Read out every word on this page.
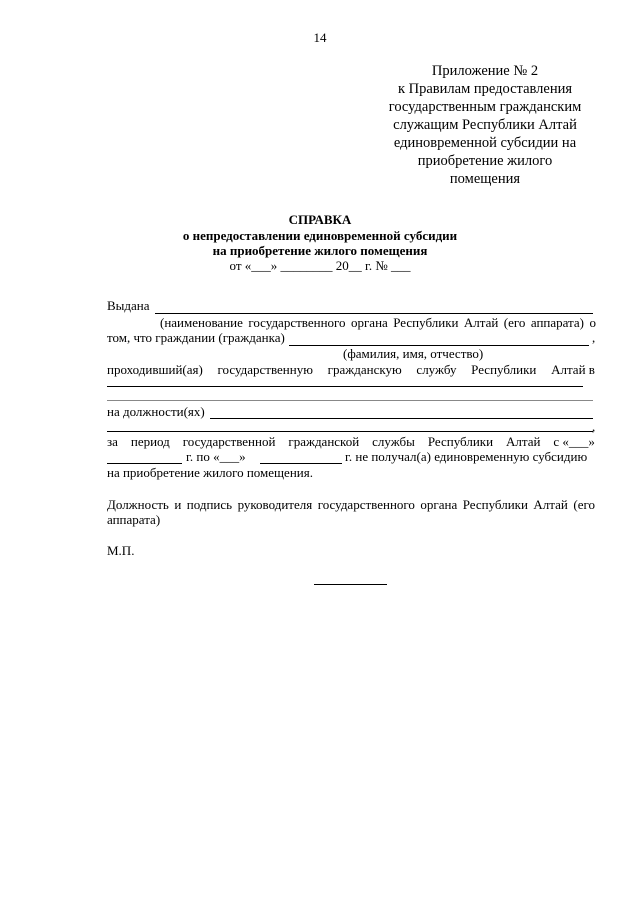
14
Приложение № 2
к Правилам предоставления
государственным гражданским
служащим Республики Алтай
единовременной субсидии на
приобретение жилого
помещения
СПРАВКА
о непредоставлении единовременной субсидии
на приобретение жилого помещения
от «___» ________ 20__ г. № ___
Выдана
(наименование государственного органа Республики Алтай (его аппарата) о
том, что граждании (гражданка)	,
(фамилия, имя, отчество)
проходивший(ая) государственную гражданскую службу Республики Алтай в
на должности(ях)
,
за период государственной гражданской службы Республики Алтай с «___»
г. по «___»	г. не получал(а) единовременную субсидию
на приобретение жилого помещения.
Должность и подпись руководителя государственного органа Республики Алтай (его
аппарата)
М.П.
